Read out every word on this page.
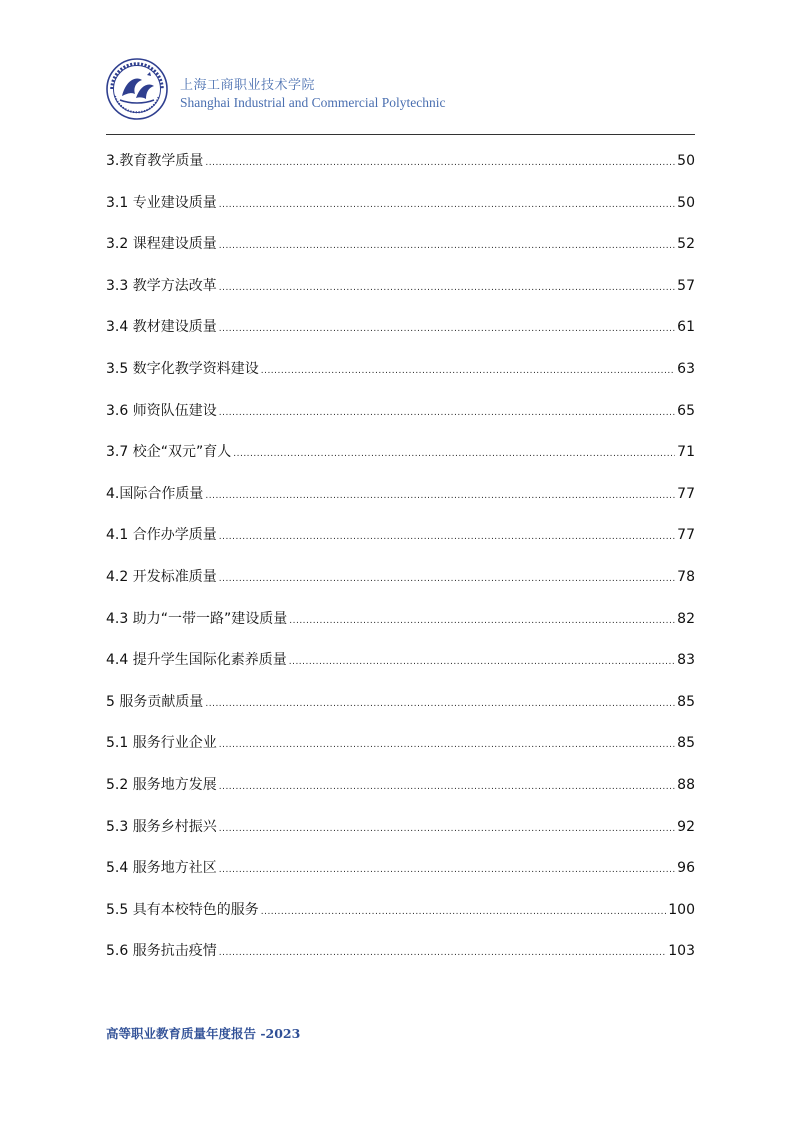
上海工商职业技术学院
Shanghai Industrial and Commercial Polytechnic
3.教育教学质量 .....	50
3.1 专业建设质量 .....	50
3.2 课程建设质量 .....	52
3.3 教学方法改革 .....	57
3.4 教材建设质量 .....	61
3.5 数字化教学资料建设 .....	63
3.6 师资队伍建设 .....	65
3.7 校企“双元”育人 .....	71
4.国际合作质量 .....	77
4.1 合作办学质量 .....	77
4.2 开发标准质量 .....	78
4.3 助力“一带一路”建设质量 .....	82
4.4 提升学生国际化素养质量 .....	83
5 服务贡献质量 .....	85
5.1 服务行业企业 .....	85
5.2 服务地方发展 .....	88
5.3 服务乡村振兴 .....	92
5.4 服务地方社区 .....	96
5.5 具有本校特色的服务 .....	100
5.6 服务抗击疫情 .....	103
高等职业教育质量年度报告 -2023
